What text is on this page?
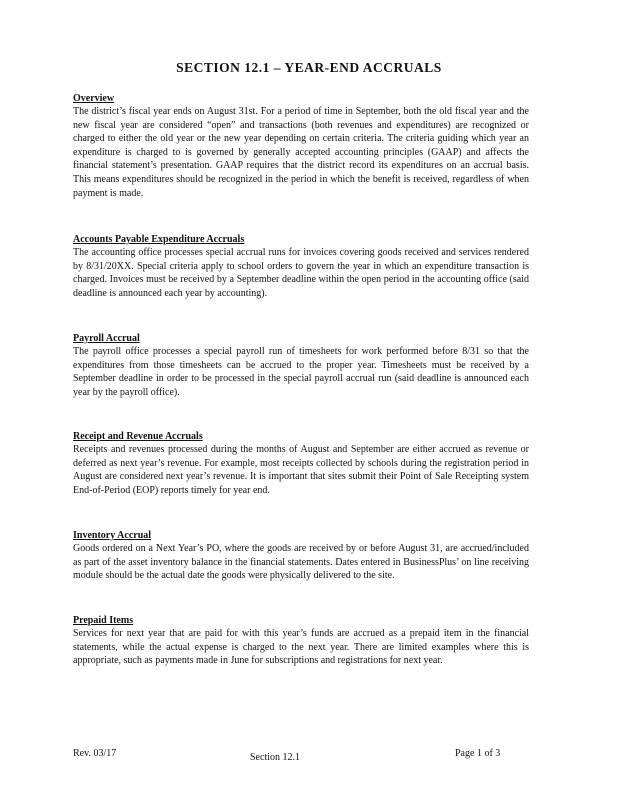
SECTION 12.1 – YEAR-END ACCRUALS
Overview

The district’s fiscal year ends on August 31st. For a period of time in September, both the old fiscal year and the new fiscal year are considered “open” and transactions (both revenues and expenditures) are recognized or charged to either the old year or the new year depending on certain criteria. The criteria guiding which year an expenditure is charged to is governed by generally accepted accounting principles (GAAP) and affects the financial statement’s presentation. GAAP requires that the district record its expenditures on an accrual basis. This means expenditures should be recognized in the period in which the benefit is received, regardless of when payment is made.

Accounts Payable Expenditure Accruals

The accounting office processes special accrual runs for invoices covering goods received and services rendered by 8/31/20XX. Special criteria apply to school orders to govern the year in which an expenditure transaction is charged. Invoices must be received by a September deadline within the open period in the accounting office (said deadline is announced each year by accounting).

Payroll Accrual

The payroll office processes a special payroll run of timesheets for work performed before 8/31 so that the expenditures from those timesheets can be accrued to the proper year. Timesheets must be received by a September deadline in order to be processed in the special payroll accrual run (said deadline is announced each year by the payroll office).

Receipt and Revenue Accruals

Receipts and revenues processed during the months of August and September are either accrued as revenue or deferred as next year’s revenue. For example, most receipts collected by schools during the registration period in August are considered next year’s revenue. It is important that sites submit their Point of Sale Receipting system End-of-Period (EOP) reports timely for year end.

Inventory Accrual

Goods ordered on a Next Year’s PO, where the goods are received by or before August 31, are accrued/included as part of the asset inventory balance in the financial statements. Dates entered in BusinessPlus’ on line receiving module should be the actual date the goods were physically delivered to the site.

Prepaid Items

Services for next year that are paid for with this year’s funds are accrued as a prepaid item in the financial statements, while the actual expense is charged to the next year. There are limited examples where this is appropriate, such as payments made in June for subscriptions and registrations for next year.

Rev. 03/17	Section 12.1	Page 1 of 3
